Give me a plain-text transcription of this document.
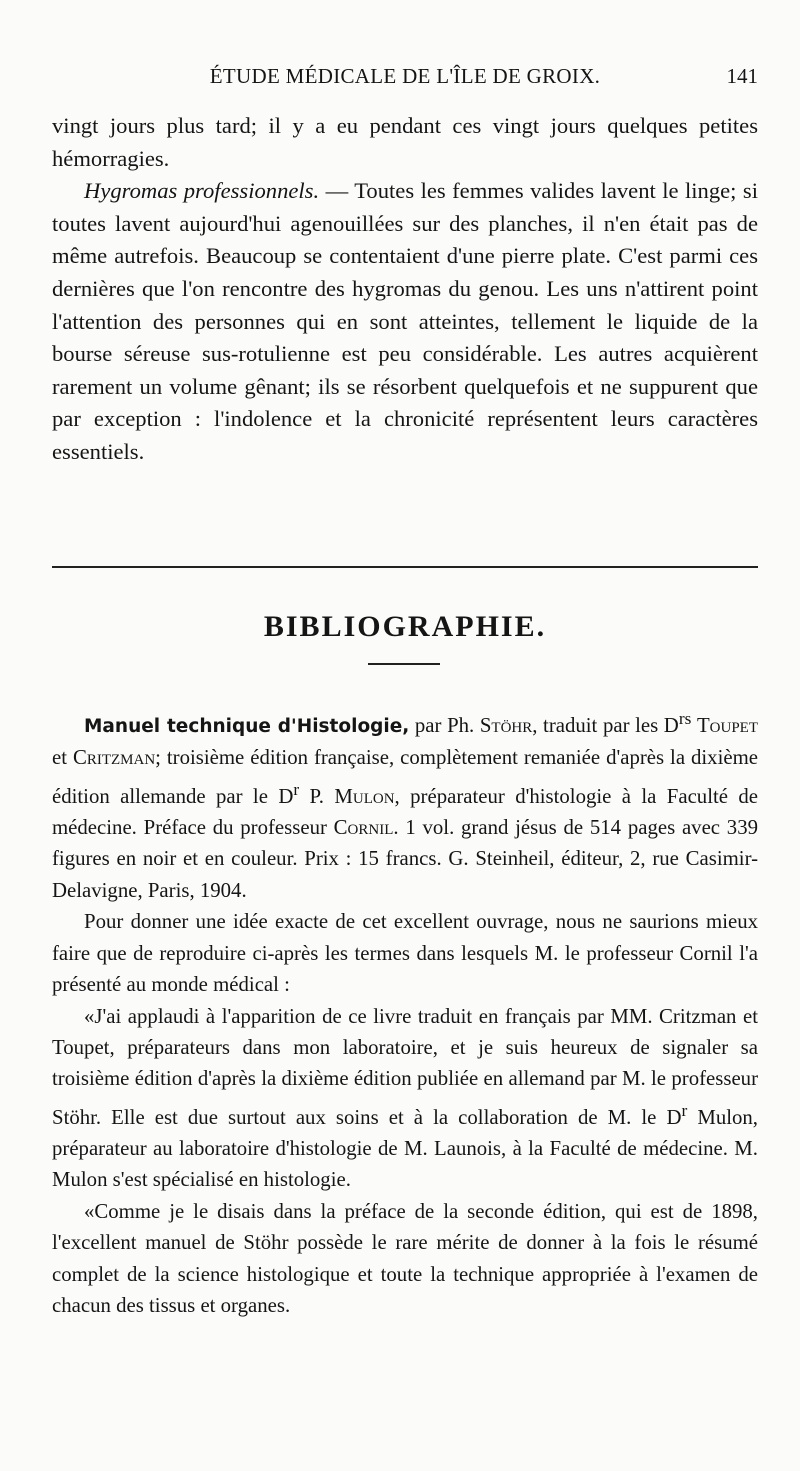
ÉTUDE MÉDICALE DE L'ÎLE DE GROIX.	141

vingt jours plus tard; il y a eu pendant ces vingt jours quelques petites hémorragies.

Hygromas professionnels. — Toutes les femmes valides lavent le linge; si toutes lavent aujourd'hui agenouillées sur des planches, il n'en était pas de même autrefois. Beaucoup se contentaient d'une pierre plate. C'est parmi ces dernières que l'on rencontre des hygromas du genou. Les uns n'attirent point l'attention des personnes qui en sont atteintes, tellement le liquide de la bourse séreuse sus-rotulienne est peu considérable. Les autres acquièrent rarement un volume gênant; ils se résorbent quelquefois et ne suppurent que par exception : l'indolence et la chronicité représentent leurs caractères essentiels.

BIBLIOGRAPHIE.

Manuel technique d'Histologie, par Ph. Stöhr, traduit par les $D^{rs}$ Toupet et Critzman; troisième édition française, complètement remaniée d'après la dixième édition allemande par le $D^r$ P. Mulon, préparateur d'histologie à la Faculté de médecine. Préface du professeur Cornil. 1 vol. grand jésus de 514 pages avec 339 figures en noir et en couleur. Prix : 15 francs. G. Steinheil, éditeur, 2, rue Casimir-Delavigne, Paris, 1904.

Pour donner une idée exacte de cet excellent ouvrage, nous ne saurions mieux faire que de reproduire ci-après les termes dans lesquels M. le professeur Cornil l'a présenté au monde médical :

«J'ai applaudi à l'apparition de ce livre traduit en français par MM. Critzman et Toupet, préparateurs dans mon laboratoire, et je suis heureux de signaler sa troisième édition d'après la dixième édition publiée en allemand par M. le professeur Stöhr. Elle est due surtout aux soins et à la collaboration de M. le $D^r$ Mulon, préparateur au laboratoire d'histologie de M. Launois, à la Faculté de médecine. M. Mulon s'est spécialisé en histologie.

«Comme je le disais dans la préface de la seconde édition, qui est de 1898, l'excellent manuel de Stöhr possède le rare mérite de donner à la fois le résumé complet de la science histologique et toute la technique appropriée à l'examen de chacun des tissus et organes.
